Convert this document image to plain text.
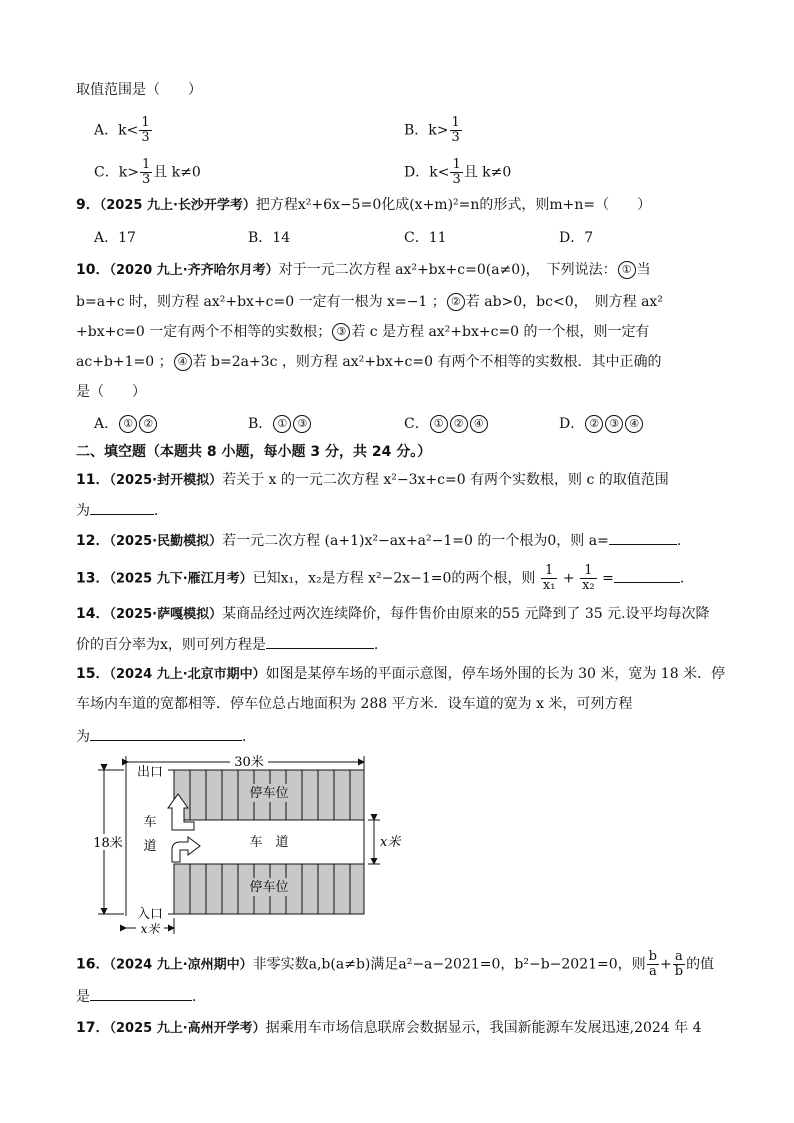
取值范围是（　　）
A．$k< \frac{1}{3}$	B．$k> \frac{1}{3}$
C．$k> \frac{1}{3}$ 且 k≠0	D．$k< \frac{1}{3}$ 且 k≠0
9．（2025 九上·长沙开学考）把方程x²+6x−5=0化成(x+m)²=n的形式，则m+n=（　　）
A．17	B．14	C．11	D．7
10．（2020 九上·齐齐哈尔月考）对于一元二次方程 ax²+bx+c=0(a≠0)，　下列说法： ① 当
b=a+c 时，则方程 ax²+bx+c=0 一定有一根为 x=−1 ； ② 若 ab>0，bc<0，　则方程 ax²
+bx+c=0 一定有两个不相等的实数根； ③ 若 c 是方程 ax²+bx+c=0 的一个根，则一定有
ac+b+1=0 ； ④ 若 b=2a+3c ，则方程 ax²+bx+c=0 有两个不相等的实数根．其中正确的
是（　　）
A． ① ②	B． ① ③	C． ① ② ④	D． ② ③ ④
二、填空题（本题共 8 小题，每小题 3 分，共 24 分。）
11．（2025·封开模拟）若关于 x 的一元二次方程 x²−3x+c=0 有两个实数根，则 c 的取值范围
为	．
12．（2025·民勤模拟）若一元二次方程 (a+1)x²−ax+a²−1=0 的一个根为0，则 a=	.
13．（2025 九下·雁江月考）已知x₁，x₂是方程 x²−2x−1=0的两个根，则 $\frac{1}{\text{x₁}} + \frac{1}{\text{x₂}}$ =	.
14．（2025·萨嘎模拟）某商品经过两次连续降价，每件售价由原来的55 元降到了 35 元.设平均每次降
价的百分率为x，则可列方程是	.
15．（2024 九上·北京市期中）如图是某停车场的平面示意图，停车场外围的长为 30 米，宽为 18 米．停
车场内车道的宽都相等．停车位总占地面积为 288 平方米．设车道的宽为 x 米，可列方程
为	．
30米
18米
停车位
停车位
出口
入口
车
道	车　道	x米
x米
16．（2024 九上·凉州期中）非零实数a,b(a≠b)满足a²−a−2021=0，b²−b−2021=0，则 $\frac{b}{a} + \frac{a}{b}$ 的值
是	．
17．（2025 九上·高州开学考）据乘用车市场信息联席会数据显示，我国新能源车发展迅速,2024 年 4
